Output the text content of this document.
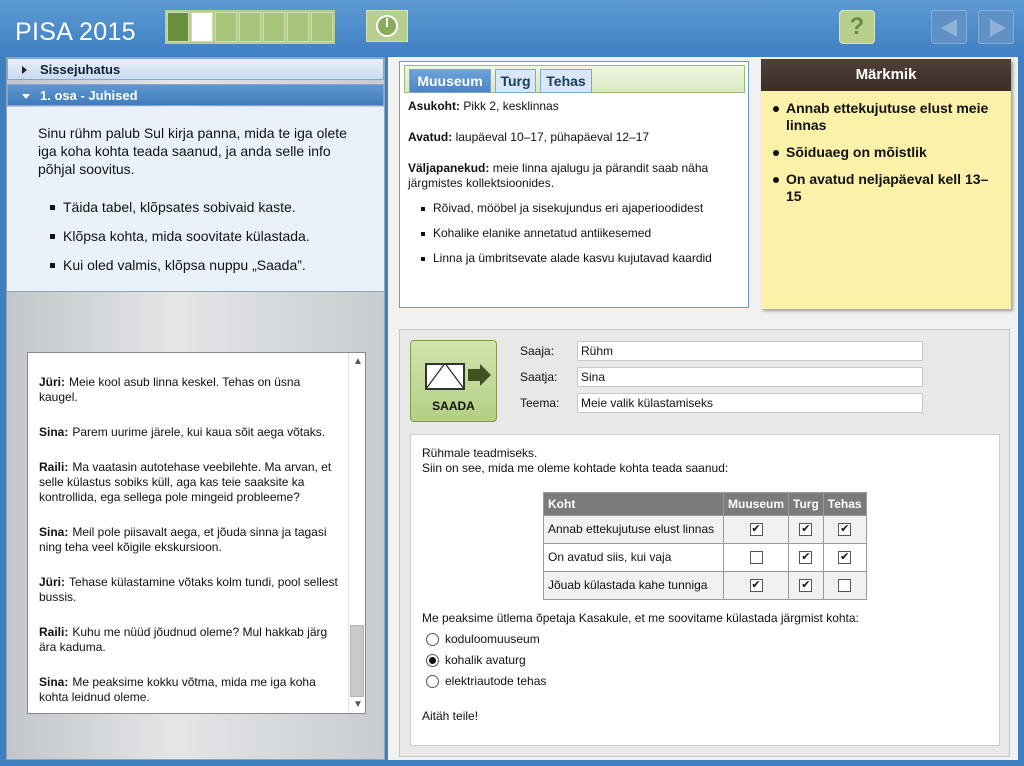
PISA 2015	?
Sissejuhatus
1. osa - Juhised

Sinu rühm palub Sul kirja panna, mida te iga olete iga koha kohta teada saanud, ja anda selle info põhjal soovitus.

Täida tabel, klõpsates sobivaid kaste.
Klõpsa kohta, mida soovitate külastada.
Kui oled valmis, klõpsa nuppu „Saada”.
Jüri: Meie kool asub linna keskel. Tehas on üsna kaugel.
Sina: Parem uurime järele, kui kaua sõit aega võtaks.
Raili: Ma vaatasin autotehase veebilehte. Ma arvan, et selle külastus sobiks küll, aga kas teie saaksite ka kontrollida, ega sellega pole mingeid probleeme?
Sina: Meil pole piisavalt aega, et jõuda sinna ja tagasi ning teha veel kõigile ekskursioon.
Jüri: Tehase külastamine võtaks kolm tundi, pool sellest bussis.
Raili: Kuhu me nüüd jõudnud oleme? Mul hakkab järg ära kaduma.
Sina: Me peaksime kokku võtma, mida me iga koha kohta leidnud oleme.
▲
▼
Muuseum	Turg	Tehas

Asukoht: Pikk 2, kesklinnas

Avatud: laupäeval 10–17, pühapäeval 12–17

Väljapanekud: meie linna ajalugu ja pärandit saab näha järgmistes kollektsioonides.

Rõivad, mööbel ja sisekujundus eri ajaperioodidest
Kohalike elanike annetatud antiikesemed
Linna ja ümbritsevate alade kasvu kujutavad kaardid
Märkmik
Annab ettekujutuse elust meie linnas
Sõiduaeg on mõistlik
On avatud neljapäeval kell 13–15
SAADA
Saaja:	Rühm
Saatja:	Sina
Teema:	Meie valik külastamiseks
Rühmale teadmiseks.
Siin on see, mida me oleme kohtade kohta teada saanud:
Koht	Muuseum	Turg	Tehas
Annab ettekujutuse elust linnas	✔	✔	✔
On avatud siis, kui vaja		✔	✔
Jõuab külastada kahe tunniga	✔	✔	
Me peaksime ütlema õpetaja Kasakule, et me soovitame külastada järgmist kohta:
koduloomuuseum
kohalik avaturg
elektriautode tehas
Aitäh teile!
